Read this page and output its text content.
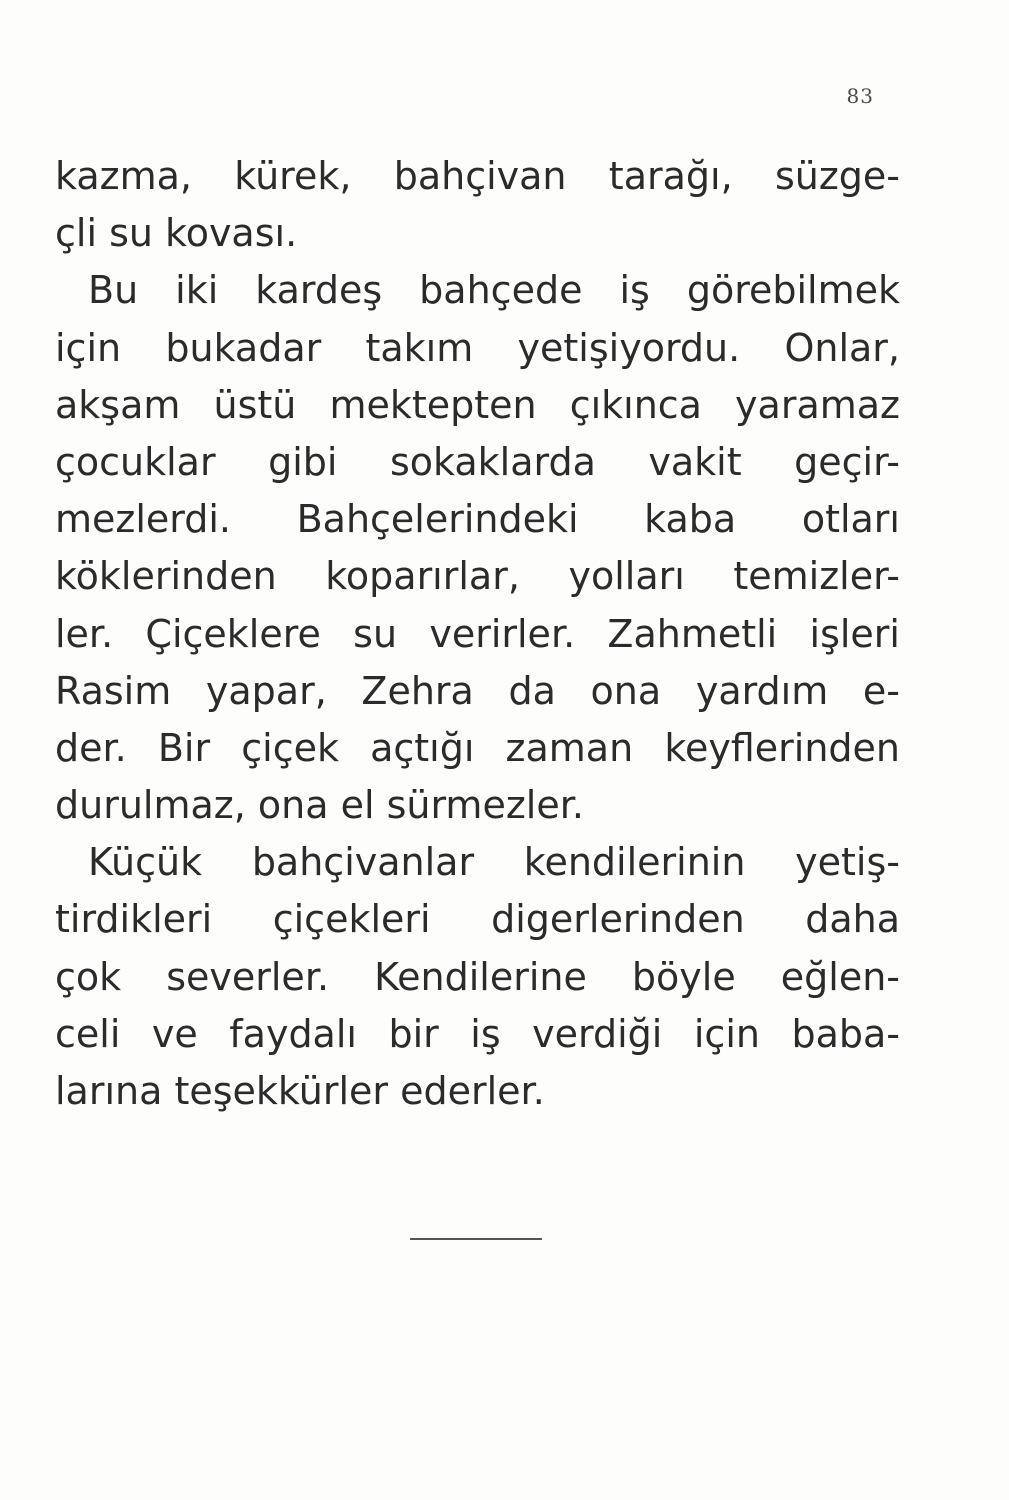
83
kazma, kürek, bahçivan tarağı, süzge-
çli su kovası.
Bu iki kardeş bahçede iş görebilmek
için bukadar takım yetişiyordu. Onlar,
akşam üstü mektepten çıkınca yaramaz
çocuklar gibi sokaklarda vakit geçir-
mezlerdi. Bahçelerindeki kaba otları
köklerinden koparırlar, yolları temizler-
ler. Çiçeklere su verirler. Zahmetli işleri
Rasim yapar, Zehra da ona yardım e-
der. Bir çiçek açtığı zaman keyflerinden
durulmaz, ona el sürmezler.
Küçük bahçivanlar kendilerinin yetiş-
tirdikleri çiçekleri digerlerinden daha
çok severler. Kendilerine böyle eğlen-
celi ve faydalı bir iş verdiği için baba-
larına teşekkürler ederler.
